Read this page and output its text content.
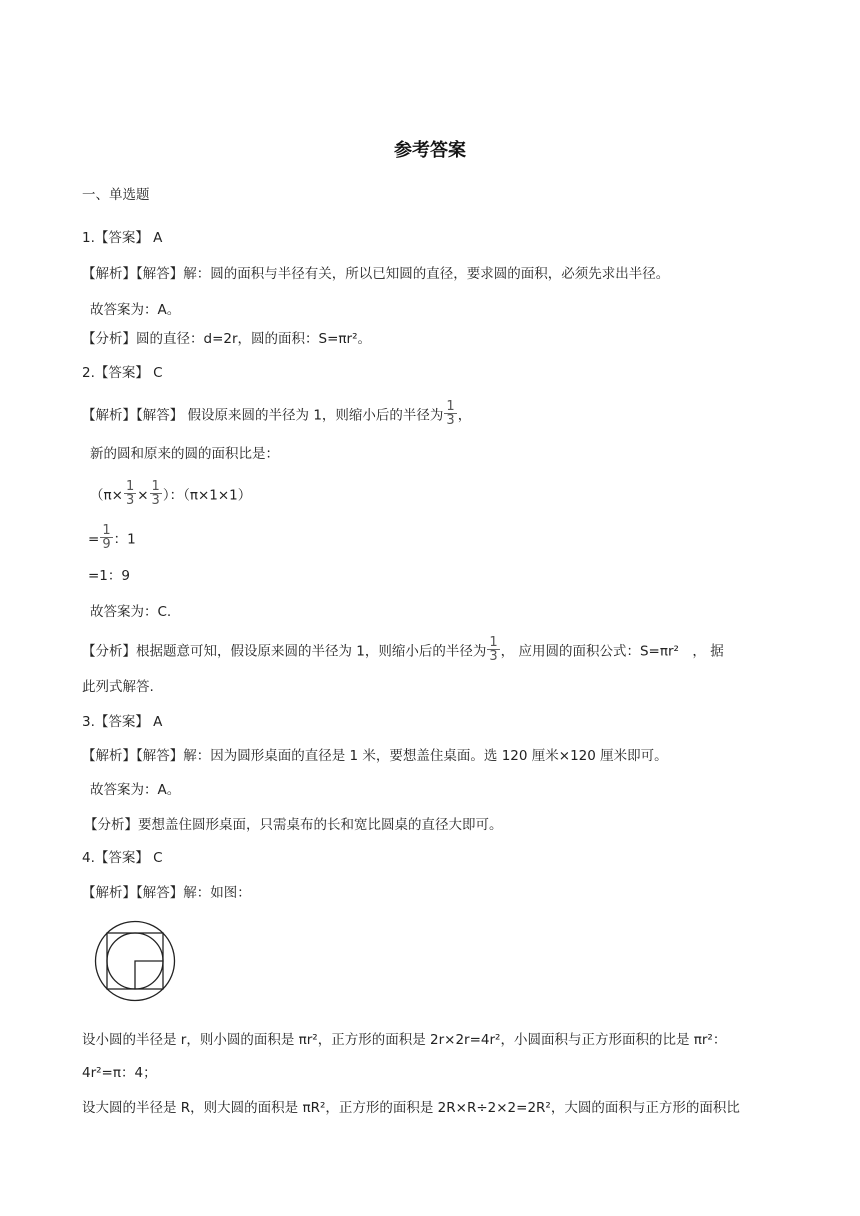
参考答案
一、单选题
1.【答案】 A
【解析】【解答】解：圆的面积与半径有关，所以已知圆的直径，要求圆的面积，必须先求出半径。
故答案为：A。
【分析】圆的直径：d=2r，圆的面积：S=πr²。
2.【答案】 C
【解析】【解答】 假设原来圆的半径为 1，则缩小后的半径为 $\frac{1}{3}$ ，
新的圆和原来的圆的面积比是：
（$\pi\times \frac{1}{3} \times \frac{1}{3}$ ）：（π×1×1）
= $\frac{1}{9}$ ：1
=1：9
故答案为：C.
【分析】根据题意可知，假设原来圆的半径为 1，则缩小后的半径为 $\frac{1}{3}$ ， 应用圆的面积公式：S=πr²　， 据
此列式解答.
3.【答案】 A
【解析】【解答】解：因为圆形桌面的直径是 1 米，要想盖住桌面。选 120 厘米×120 厘米即可。
故答案为：A。
【分析】要想盖住圆形桌面，只需桌布的长和宽比圆桌的直径大即可。
4.【答案】 C
【解析】【解答】解：如图：
设小圆的半径是 r，则小圆的面积是 πr²，正方形的面积是 2r×2r=4r²，小圆面积与正方形面积的比是 πr²：
4r²=π：4；
设大圆的半径是 R，则大圆的面积是 πR²，正方形的面积是 2R×R÷2×2=2R²，大圆的面积与正方形的面积比
